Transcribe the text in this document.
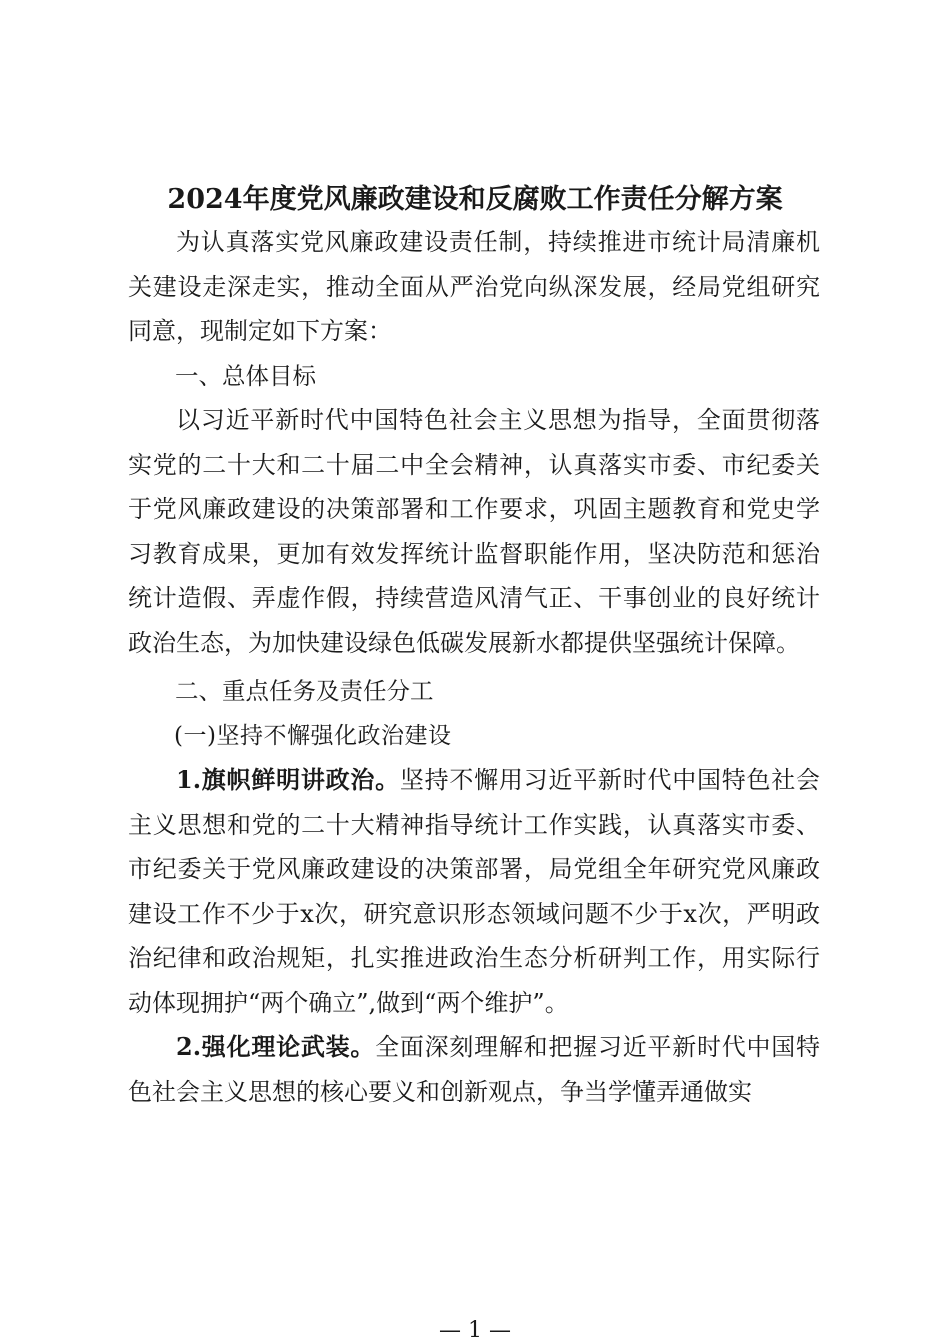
2024年度党风廉政建设和反腐败工作责任分解方案

为认真落实党风廉政建设责任制，持续推进市统计局清廉机关建设走深走实，推动全面从严治党向纵深发展，经局党组研究同意，现制定如下方案：

一、总体目标

以习近平新时代中国特色社会主义思想为指导，全面贯彻落实党的二十大和二十届二中全会精神，认真落实市委、市纪委关于党风廉政建设的决策部署和工作要求，巩固主题教育和党史学习教育成果，更加有效发挥统计监督职能作用，坚决防范和惩治统计造假、弄虚作假，持续营造风清气正、干事创业的良好统计政治生态，为加快建设绿色低碳发展新水都提供坚强统计保障。

二、重点任务及责任分工

(一)坚持不懈强化政治建设

1.旗帜鲜明讲政治。坚持不懈用习近平新时代中国特色社会主义思想和党的二十大精神指导统计工作实践，认真落实市委、市纪委关于党风廉政建设的决策部署，局党组全年研究党风廉政建设工作不少于x次，研究意识形态领域问题不少于x次，严明政治纪律和政治规矩，扎实推进政治生态分析研判工作，用实际行动体现拥护“两个确立”,做到“两个维护”。

2.强化理论武装。全面深刻理解和把握习近平新时代中国特色社会主义思想的核心要义和创新观点，争当学懂弄通做实

— 1 —
